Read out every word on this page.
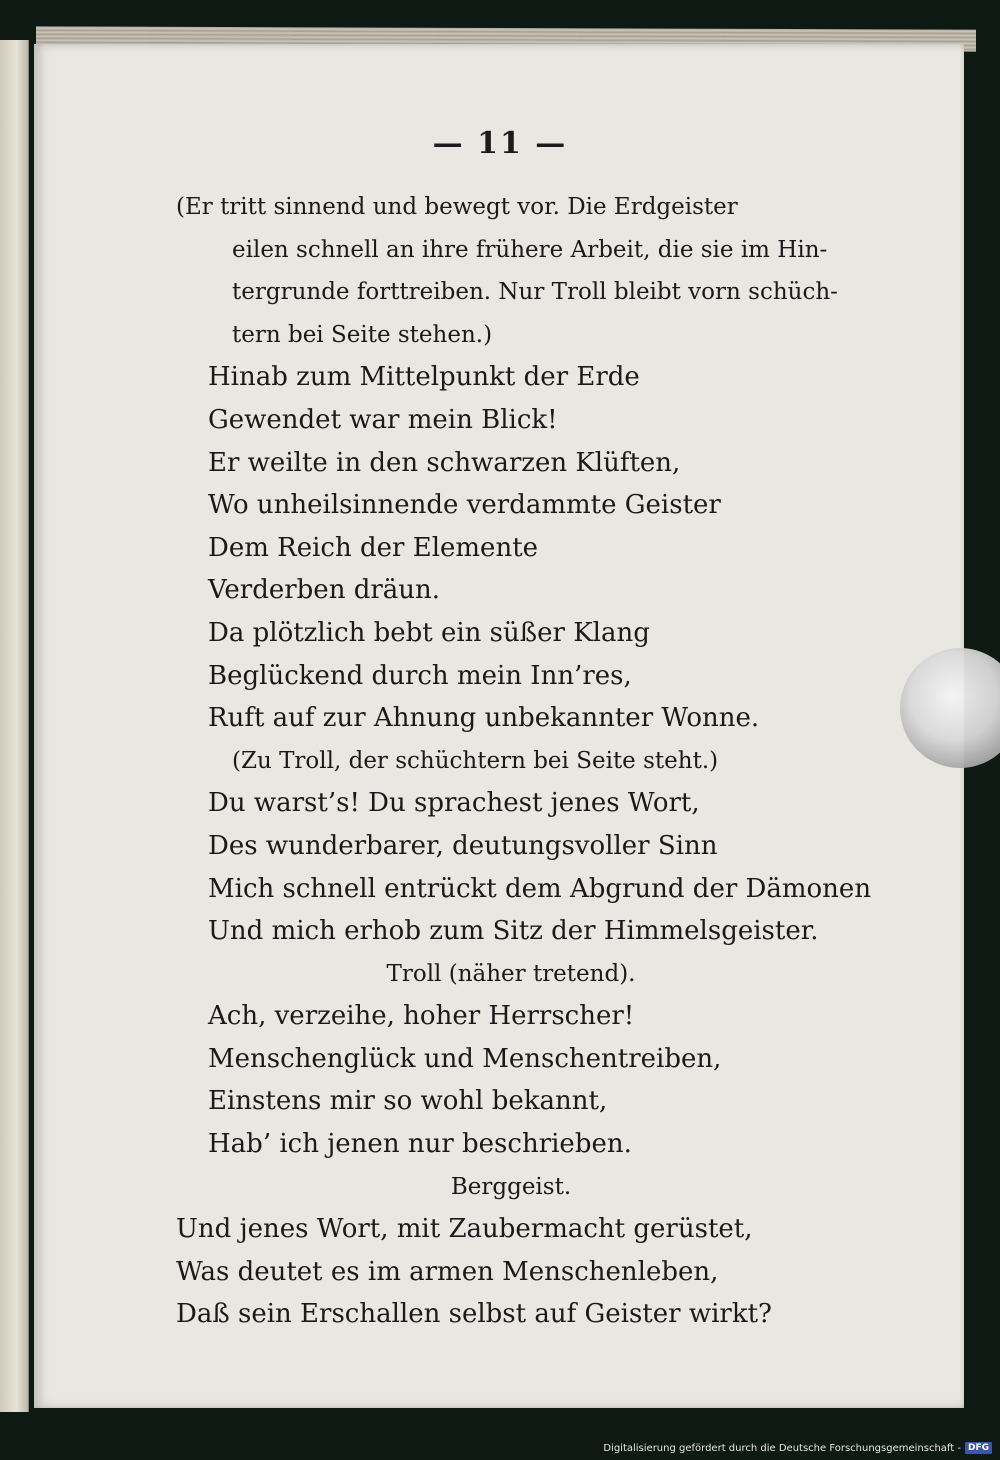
— 11 —
(Er tritt sinnend und bewegt vor. Die Erdgeister
eilen schnell an ihre frühere Arbeit, die sie im Hin-
tergrunde forttreiben. Nur Troll bleibt vorn schüch-
tern bei Seite stehen.)
Hinab zum Mittelpunkt der Erde
Gewendet war mein Blick!
Er weilte in den schwarzen Klüften,
Wo unheilsinnende verdammte Geister
Dem Reich der Elemente
Verderben dräun.
Da plötzlich bebt ein süßer Klang
Beglückend durch mein Inn’res,
Ruft auf zur Ahnung unbekannter Wonne.
(Zu Troll, der schüchtern bei Seite steht.)
Du warst’s! Du sprachest jenes Wort,
Des wunderbarer, deutungsvoller Sinn
Mich schnell entrückt dem Abgrund der Dämonen
Und mich erhob zum Sitz der Himmelsgeister.
Troll (näher tretend).
Ach, verzeihe, hoher Herrscher!
Menschenglück und Menschentreiben,
Einstens mir so wohl bekannt,
Hab’ ich jenen nur beschrieben.
Berggeist.
Und jenes Wort, mit Zaubermacht gerüstet,
Was deutet es im armen Menschenleben,
Daß sein Erschallen selbst auf Geister wirkt?
Digitalisierung gefördert durch die Deutsche Forschungsgemeinschaft - DFG
